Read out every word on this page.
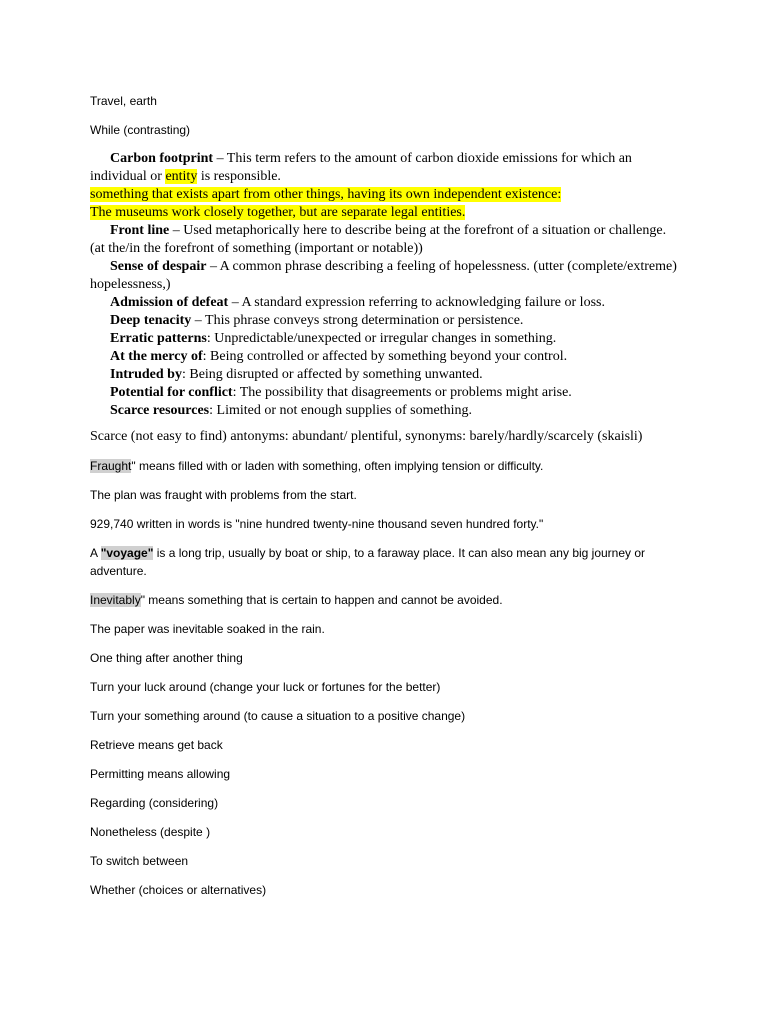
Travel, earth

While (contrasting)

Carbon footprint – This term refers to the amount of carbon dioxide emissions for which an individual or entity is responsible.

something that exists apart from other things, having its own independent existence:

The museums work closely together, but are separate legal entities.

Front line – Used metaphorically here to describe being at the forefront of a situation or challenge.(at the/in the forefront of something (important or notable))

Sense of despair – A common phrase describing a feeling of hopelessness. (utter (complete/extreme) hopelessness,)

Admission of defeat – A standard expression referring to acknowledging failure or loss.

Deep tenacity – This phrase conveys strong determination or persistence.

Erratic patterns: Unpredictable/unexpected or irregular changes in something.

At the mercy of: Being controlled or affected by something beyond your control.

Intruded by: Being disrupted or affected by something unwanted.

Potential for conflict: The possibility that disagreements or problems might arise.

Scarce resources: Limited or not enough supplies of something.

Scarce (not easy to find) antonyms: abundant/ plentiful, synonyms: barely/hardly/scarcely (skaisli)

Fraught" means filled with or laden with something, often implying tension or difficulty.

The plan was fraught with problems from the start.

929,740 written in words is "nine hundred twenty-nine thousand seven hundred forty."

A "voyage" is a long trip, usually by boat or ship, to a faraway place. It can also mean any big journey or adventure.

Inevitably" means something that is certain to happen and cannot be avoided.

The paper was inevitable soaked in the rain.

One thing after another thing

Turn your luck around (change your luck or fortunes for the better)

Turn your something around (to cause a situation to a positive change)

Retrieve means get back

Permitting means allowing

Regarding (considering)

Nonetheless (despite )

To switch between

Whether (choices or alternatives)
